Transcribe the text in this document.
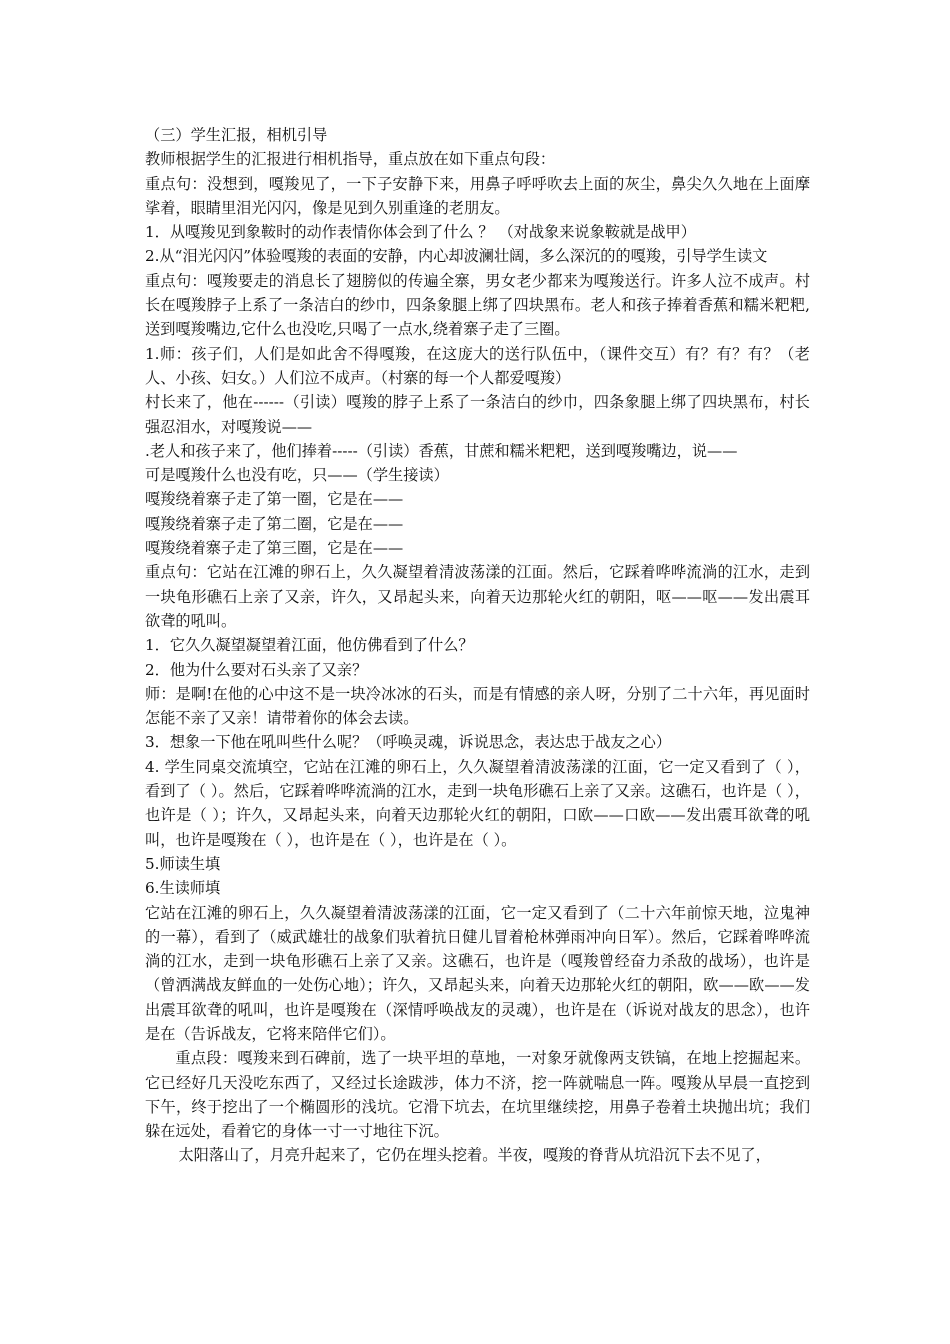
（三）学生汇报，相机引导

教师根据学生的汇报进行相机指导，重点放在如下重点句段：

重点句：没想到，嘎羧见了，一下子安静下来，用鼻子呼呼吹去上面的灰尘，鼻尖久久地在上面摩挲着，眼睛里泪光闪闪，像是见到久别重逢的老朋友。

1．从嘎羧见到象鞍时的动作表情你体会到了什么 ？ （对战象来说象鞍就是战甲）

2.从“泪光闪闪”体验嘎羧的表面的安静，内心却波澜壮阔，多么深沉的的嘎羧，引导学生读文

重点句：嘎羧要走的消息长了翅膀似的传遍全寨，男女老少都来为嘎羧送行。许多人泣不成声。村长在嘎羧脖子上系了一条洁白的纱巾，四条象腿上绑了四块黑布。老人和孩子捧着香蕉和糯米粑粑,送到嘎羧嘴边,它什么也没吃,只喝了一点水,绕着寨子走了三圈。

1.师：孩子们，人们是如此舍不得嘎羧，在这庞大的送行队伍中，（课件交互）有？有？有？（老人、小孩、妇女。）人们泣不成声。（村寨的每一个人都爱嘎羧）

村长来了，他在------（引读）嘎羧的脖子上系了一条洁白的纱巾，四条象腿上绑了四块黑布，村长强忍泪水，对嘎羧说——

.老人和孩子来了，他们捧着-----（引读）香蕉，甘蔗和糯米粑粑，送到嘎羧嘴边，说——

可是嘎羧什么也没有吃，只——（学生接读）

嘎羧绕着寨子走了第一圈，它是在——

嘎羧绕着寨子走了第二圈，它是在——

嘎羧绕着寨子走了第三圈，它是在——

重点句：它站在江滩的卵石上，久久凝望着清波荡漾的江面。然后，它踩着哗哗流淌的江水，走到一块龟形礁石上亲了又亲，许久，又昂起头来，向着天边那轮火红的朝阳，呕——呕——发出震耳欲聋的吼叫。

1．它久久凝望凝望着江面，他仿佛看到了什么？

2．他为什么要对石头亲了又亲？

师：是啊!在他的心中这不是一块冷冰冰的石头，而是有情感的亲人呀，分别了二十六年，再见面时怎能不亲了又亲！请带着你的体会去读。

3．想象一下他在吼叫些什么呢？（呼唤灵魂，诉说思念，表达忠于战友之心）

4. 学生同桌交流填空，它站在江滩的卵石上，久久凝望着清波荡漾的江面，它一定又看到了（ ），看到了（ ）。然后，它踩着哗哗流淌的江水，走到一块龟形礁石上亲了又亲。这礁石，也许是（ ），也许是（ ）；许久，又昂起头来，向着天边那轮火红的朝阳，口欧——口欧——发出震耳欲聋的吼叫，也许是嘎羧在（ ），也许是在（ ），也许是在（ ）。

5.师读生填

6.生读师填

它站在江滩的卵石上，久久凝望着清波荡漾的江面，它一定又看到了（二十六年前惊天地，泣鬼神的一幕），看到了（威武雄壮的战象们驮着抗日健儿冒着枪林弹雨冲向日军）。然后，它踩着哗哗流淌的江水，走到一块龟形礁石上亲了又亲。这礁石，也许是（嘎羧曾经奋力杀敌的战场），也许是（曾洒满战友鲜血的一处伤心地）；许久，又昂起头来，向着天边那轮火红的朝阳，欧——欧——发出震耳欲聋的吼叫，也许是嘎羧在（深情呼唤战友的灵魂），也许是在（诉说对战友的思念），也许是在（告诉战友，它将来陪伴它们）。

重点段：嘎羧来到石碑前，选了一块平坦的草地，一对象牙就像两支铁镐，在地上挖掘起来。它已经好几天没吃东西了，又经过长途跋涉，体力不济，挖一阵就喘息一阵。嘎羧从早晨一直挖到下午，终于挖出了一个椭圆形的浅坑。它滑下坑去，在坑里继续挖，用鼻子卷着土块抛出坑；我们躲在远处，看着它的身体一寸一寸地往下沉。

太阳落山了，月亮升起来了，它仍在埋头挖着。半夜，嘎羧的脊背从坑沿沉下去不见了，
